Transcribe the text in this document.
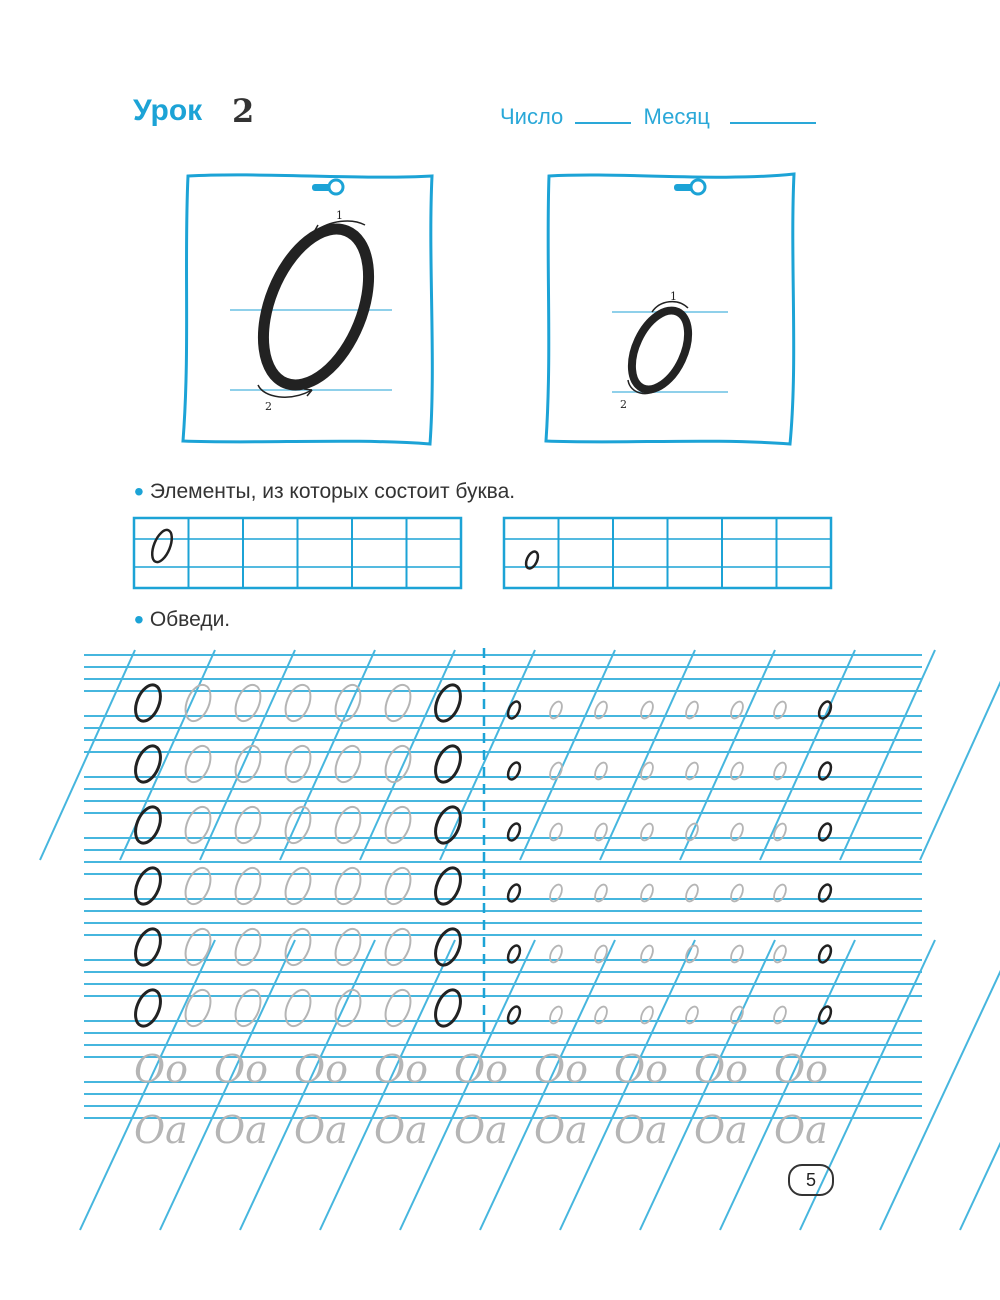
Урок 2	Число	Месяц
1
2
1
2
• Элементы, из которых состоит буква.
• Обведи.
Оо Оо Оо Оо Оо Оо Оо Оо Оо
Оа Оа Оа Оа Оа Оа Оа Оа Оа
5
